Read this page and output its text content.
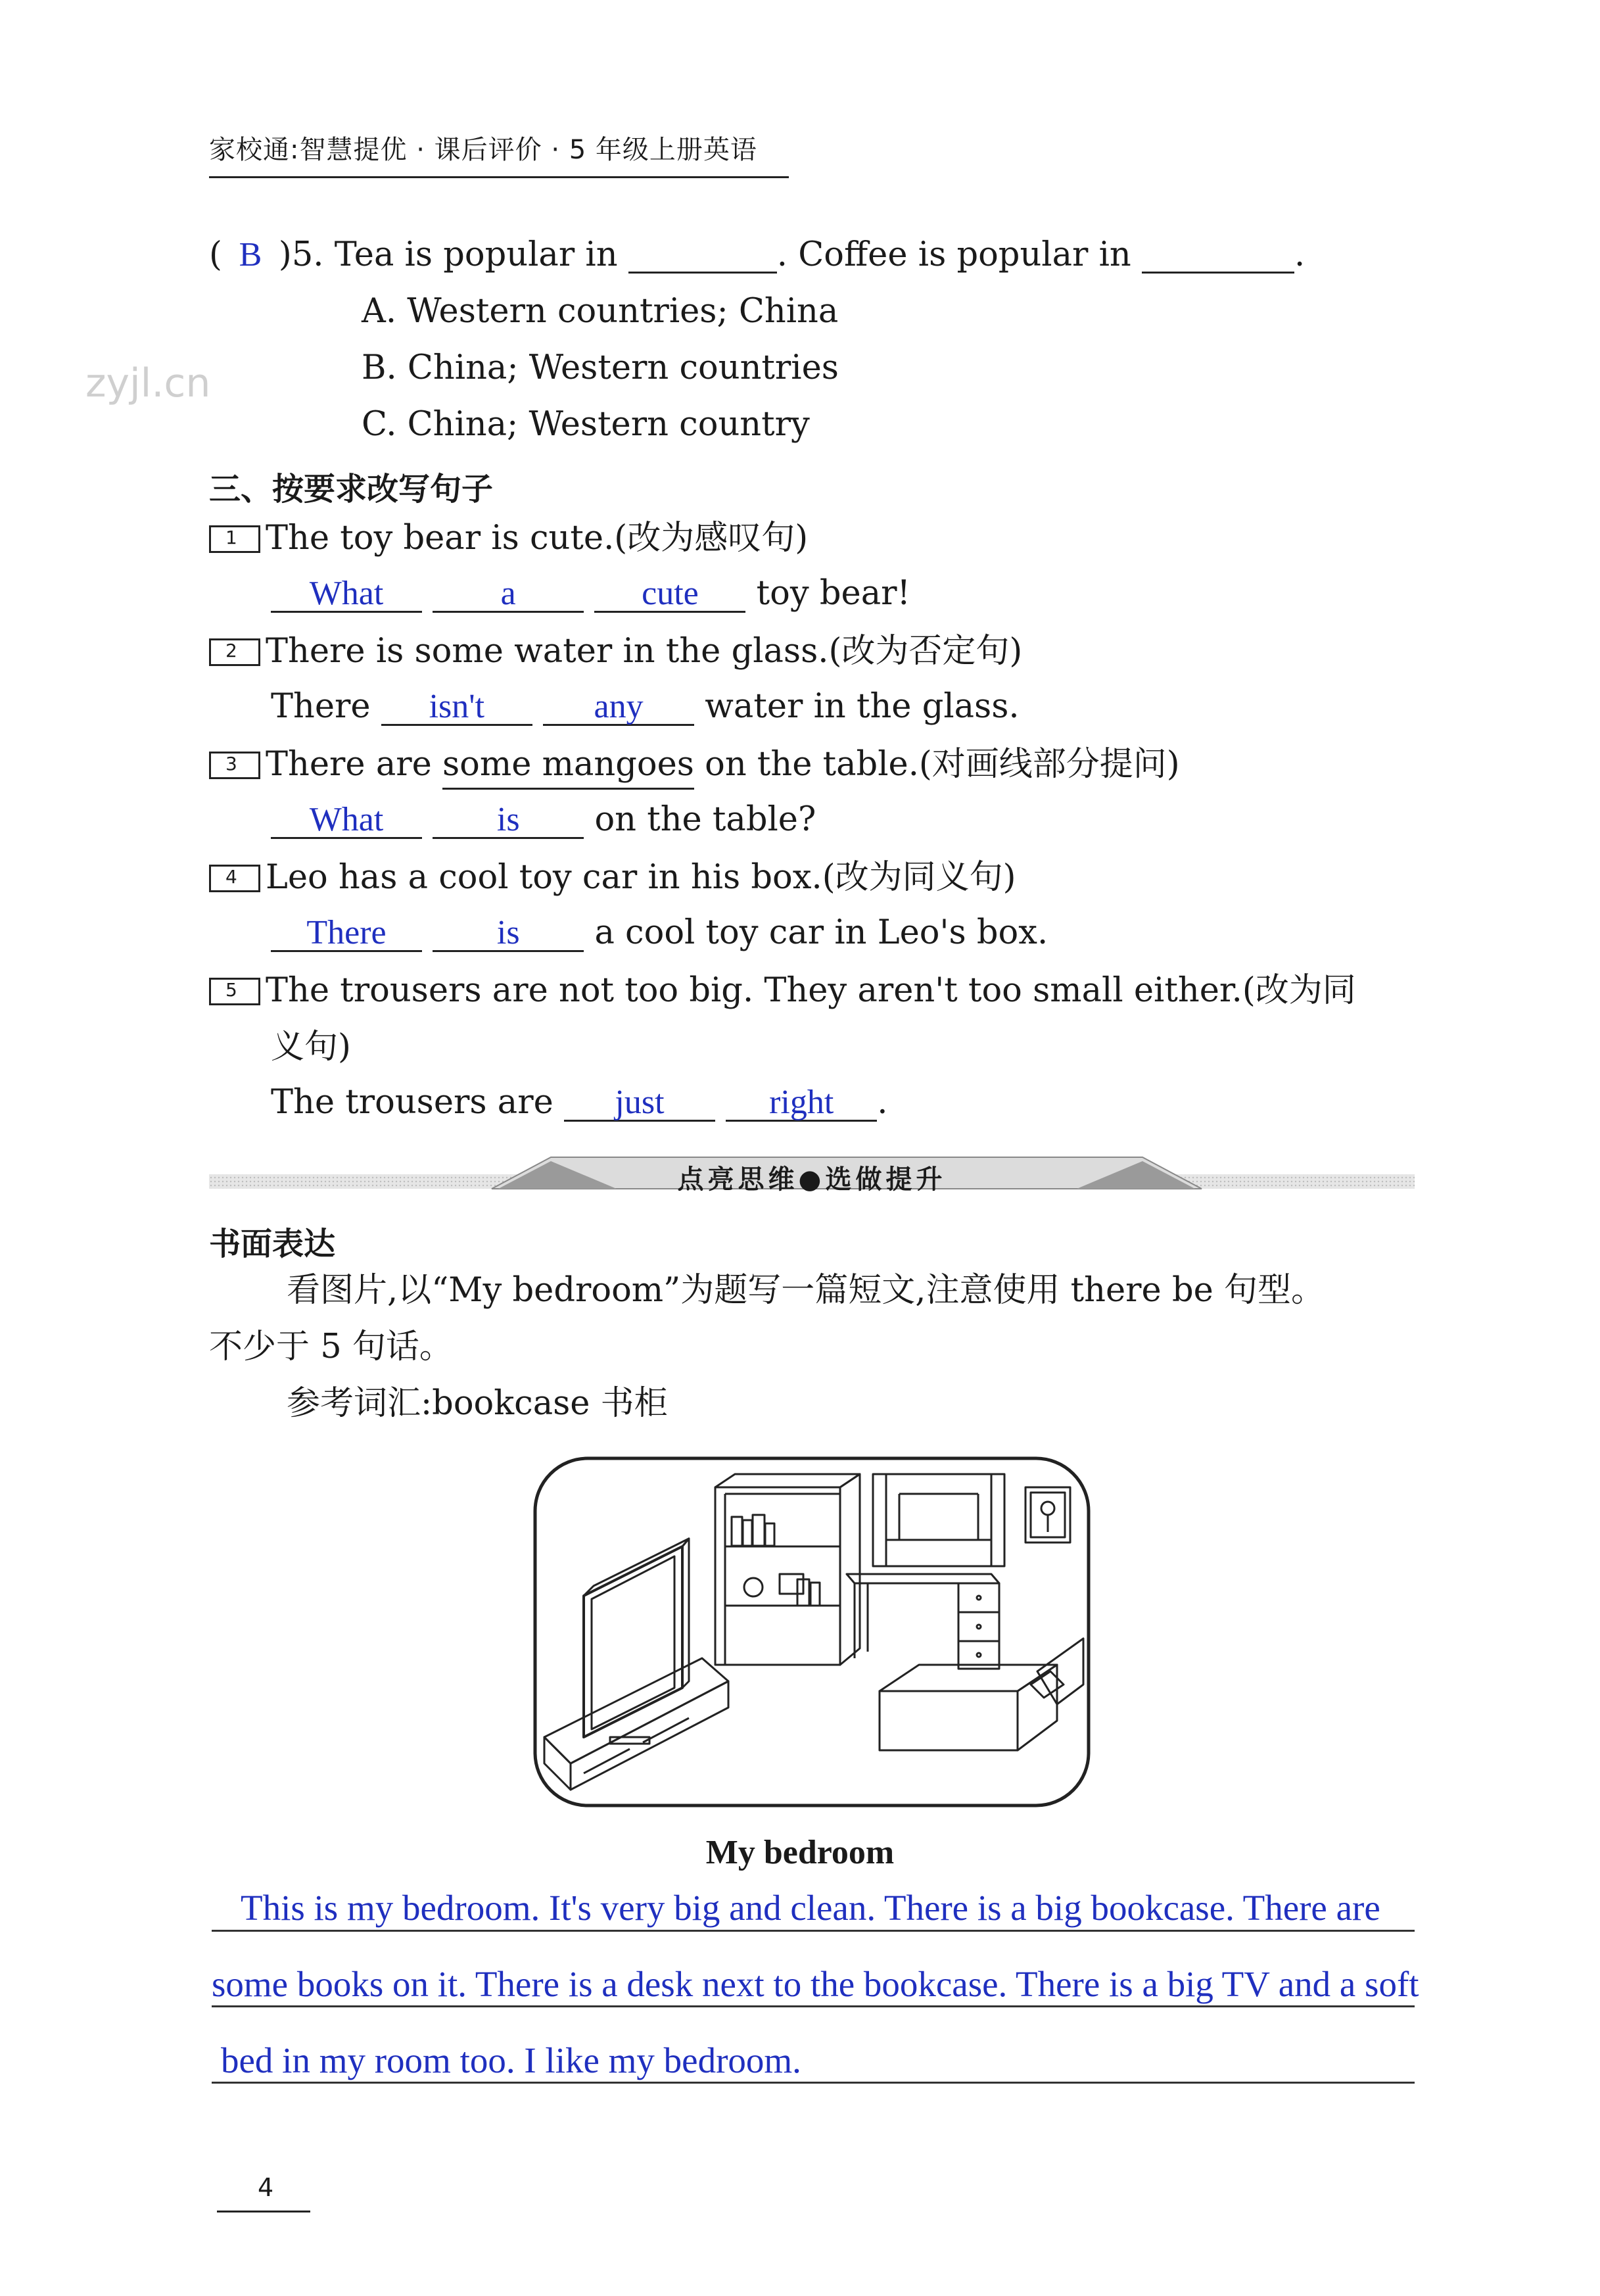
家校通:智慧提优 · 课后评价 · 5 年级上册英语
zyjl.cn
( B )5. Tea is popular in	. Coffee is popular in	.
A. Western countries; China
B. China; Western countries
C. China; Western country
三、按要求改写句子
1 The toy bear is cute.(改为感叹句)
What	a	cute toy bear!
2 There is some water in the glass.(改为否定句)
There isn't	any water in the glass.
3 There are some mangoes on the table.(对画线部分提问)
What	is on the table?
4 Leo has a cool toy car in his box.(改为同义句)
There	is a cool toy car in Leo's box.
5 The trousers are not too big. They aren't too small either.(改为同
义句)
The trousers are just	right .
点亮思维●选做提升
书面表达
看图片,以“My bedroom”为题写一篇短文,注意使用 there be 句型。
不少于 5 句话。
参考词汇:bookcase 书柜
My bedroom
This is my bedroom. It's very big and clean. There is a big bookcase. There are
some books on it. There is a desk next to the bookcase. There is a big TV and a soft
bed in my room too. I like my bedroom.
4
